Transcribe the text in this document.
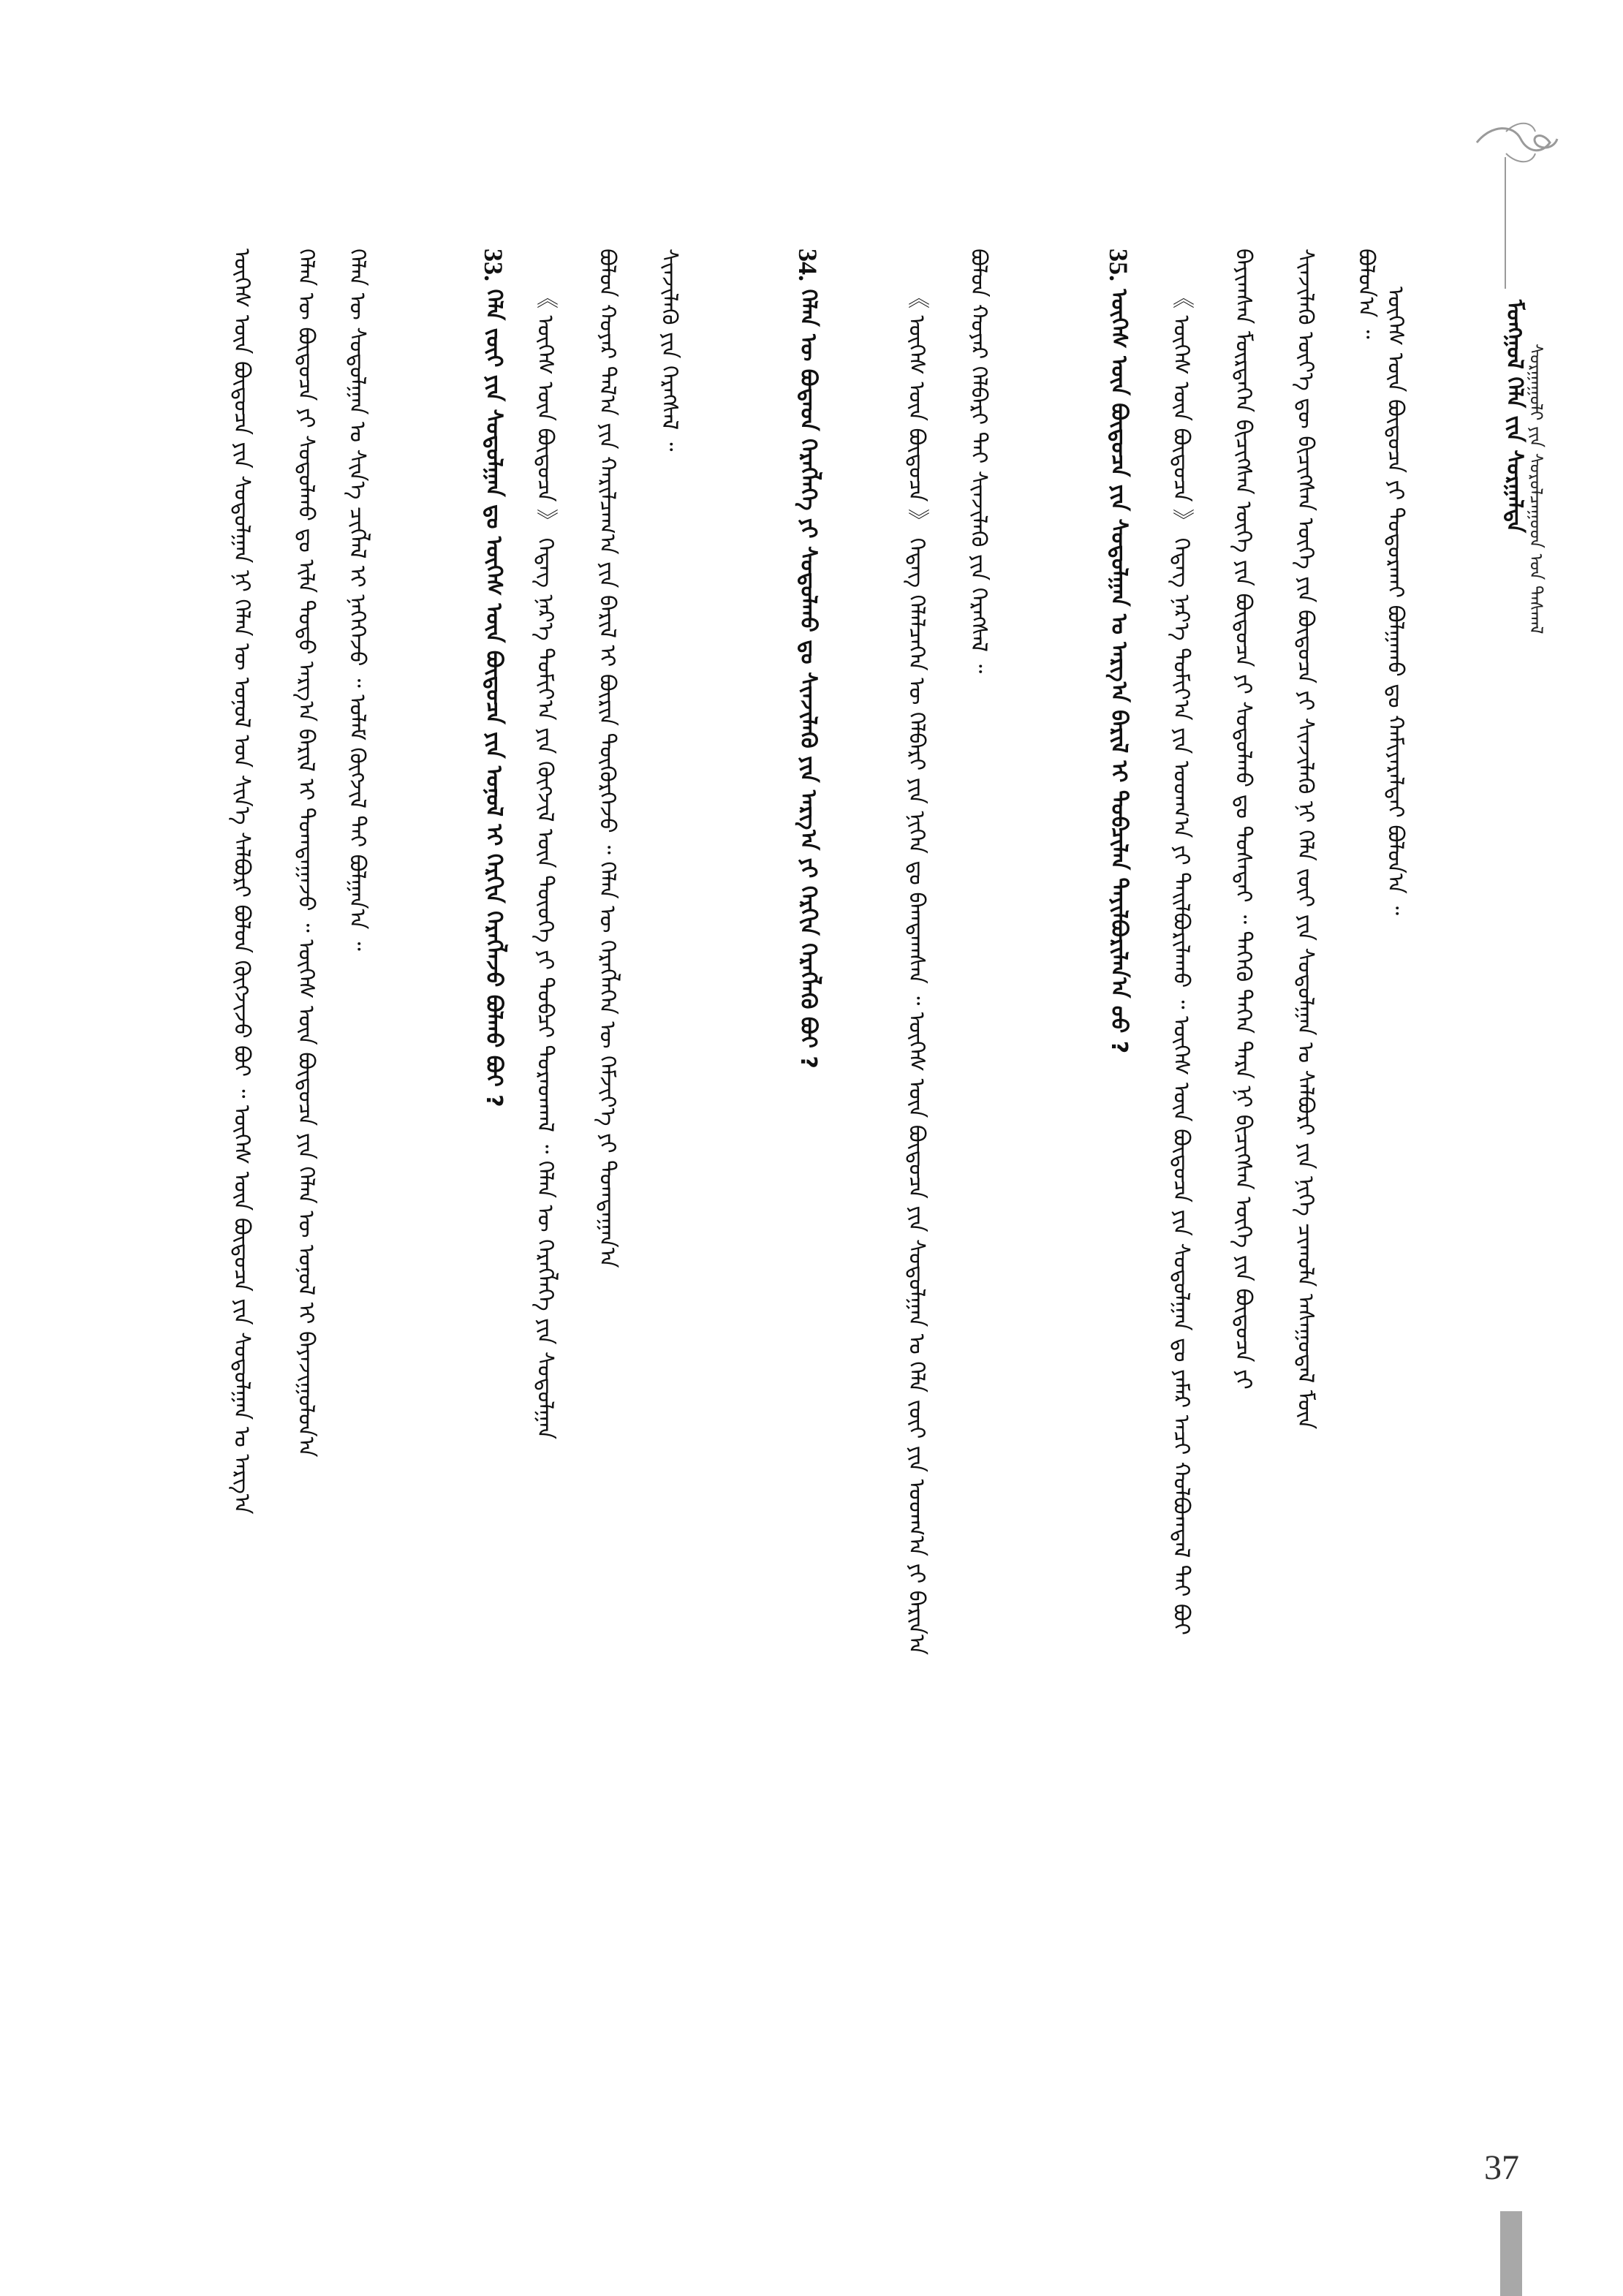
ᠮᠣᠩᠭᠣᠯ ᠬᠡᠯᠡ ᠵᠢᠨ ᠰᠤᠷᠭᠠᠯᠲᠠ
ᠰᠤᠷᠭᠠᠭᠤᠯᠢ ᠶᠢᠨ ᠰᠤᠷᠤᠯᠴᠠᠭᠤᠳ ᠤᠨ ᠳᠠᠰᠭᠠᠯ
ᠦᠭᠡᠰ ᠦᠨ ᠪᠦᠲᠦᠴᠡ ᠶᠢ ᠲᠣᠳᠣᠷᠬᠠᠢ ᠪᠣᠯᠭᠠᠬᠤ ᠳᠤ ᠬᠠᠮᠢᠶᠠᠷᠠᠯᠲᠠᠢ ᠪᠣᠯᠣᠨ᠎ᠠ ᠃
ᠪᠣᠯᠣᠨ᠎ᠠ ᠃
ᠰᠢᠨᠵᠢᠯᠡᠬᠦ ᠦᠶ᠎ᠡ ᠳᠦ ᠪᠢᠴᠢᠭᠰᠡᠨ ᠦᠭᠡ ᠶᠢᠨ ᠪᠦᠲᠦᠴᠡ ᠶᠢ ᠰᠢᠨᠵᠢᠯᠡᠬᠦ ᠨᠢ ᠬᠡᠯᠡ ᠵᠦᠢ ᠶᠢᠨ ᠰᠤᠳᠤᠯᠭᠠᠨ ᠤ ᠰᠠᠯᠪᠤᠷᠢ ᠶᠢᠨ ᠨᠢᠭᠡ ᠴᠢᠬᠤᠯᠠ ᠠᠰᠠᠭᠤᠳᠠᠯ ᠮᠥᠨ
ᠪᠠᠶᠢᠭᠰᠠᠨ ᠮᠥᠷᠲᠡᠭᠡᠨ ᠪᠢᠴᠢᠭᠰᠡᠨ ᠦᠭᠡ ᠶᠢᠨ ᠪᠦᠲᠦᠴᠡ ᠶᠢ ᠰᠤᠳᠤᠯᠬᠤ ᠳᠤ ᠲᠤᠰᠠᠲᠠᠢ ᠃ ᠲᠡᠭᠡᠬᠦ ᠳᠡᠭᠡᠨ ᠲᠡᠷᠡ ᠨᠢ ᠪᠢᠴᠢᠭᠰᠡᠨ ᠦᠭᠡ ᠶᠢᠨ ᠪᠦᠲᠦᠴᠡ ᠶᠢ
《 ᠦᠭᠡᠰ ᠦᠨ ᠪᠦᠲᠦᠴᠡ 》 ᠭᠡᠳᠡᠭ ᠨᠡᠷ᠎ᠡ ᠲᠣᠮᠢᠶ᠎ᠠ ᠶᠢᠨ ᠤᠳᠬ᠎ᠠ ᠶᠢ ᠲᠠᠢᠯᠪᠤᠷᠢᠯᠠᠬᠤ ᠃ ᠦᠭᠡᠰ ᠦᠨ ᠪᠦᠲᠦᠴᠡ ᠶᠢᠨ ᠰᠤᠳᠤᠯᠭᠠᠨ ᠳᠤ ᠶᠠᠮᠠᠷ ᠠᠴᠢ ᠬᠣᠯᠪᠣᠭᠳᠠᠯ ᠲᠠᠢ ᠪᠤᠢ
35. ᠦᠭᠡᠰ ᠦᠨ ᠪᠦᠲᠦᠴᠡ ᠶᠢᠨ ᠰᠤᠳᠤᠯᠭᠠᠨ ᠤ ᠠᠷᠭ᠎ᠠ ᠪᠠᠷᠢᠯ ᠢ ᠲᠣᠪᠴᠢᠯᠠᠨ ᠲᠠᠶᠢᠯᠪᠤᠷᠢᠯᠠᠨ᠎ᠠ ᠤᠤ ?
ᠪᠣᠯᠣᠨ ᠬᠣᠶᠠᠷ ᠬᠡᠯᠪᠡᠷᠢ ᠲᠠᠢ ᠰᠢᠨᠵᠢᠯᠡᠬᠦ ᠶᠢᠨ ᠬᠡᠷᠡᠭᠰᠡᠯ ᠃
《 ᠦᠭᠡᠰ ᠦᠨ ᠪᠦᠲᠦᠴᠡ 》 ᠭᠡᠳᠡᠭ ᠬᠡᠯᠡᠯᠴᠡᠭᠡᠨ ᠦ ᠬᠡᠯᠪᠡᠷᠢ ᠶᠢᠨ ᠨᠢᠭᠡᠨ ᠳᠤ ᠪᠠᠭᠲᠠᠭᠰᠠᠨ ᠃ ᠦᠭᠡᠰ ᠦᠨ ᠪᠦᠲᠦᠴᠡ ᠶᠢᠨ ᠰᠤᠳᠤᠯᠭᠠᠨ ᠤ ᠬᠡᠯᠡ ᠵᠦᠢ ᠶᠢᠨ ᠤᠳᠬ᠎ᠠ ᠶᠢ ᠪᠠᠷᠢᠨ᠎ᠠ
34. ᠬᠡᠯᠡᠨ ᠦ ᠪᠣᠳᠠᠳ ᠬᠡᠷᠡᠭᠯᠡᠭᠡ ᠶᠢ ᠰᠤᠳᠤᠯᠬᠤ ᠳᠤ ᠰᠢᠨᠵᠢᠯᠡᠬᠦ ᠶᠢᠨ ᠠᠷᠭ᠎ᠠ ᠶᠢ ᠬᠡᠷᠬᠢᠨ ᠬᠡᠷᠡᠭᠯᠡᠬᠦ ᠪᠤᠢ ?
ᠰᠢᠨᠵᠢᠯᠡᠬᠦ ᠶᠢᠨ ᠬᠡᠷᠡᠭᠰᠡᠯ ᠃
ᠪᠣᠯᠣᠨ ᠬᠣᠶᠠᠷ ᠲᠠᠯ᠎ᠠ ᠶᠢᠨ ᠬᠠᠷᠢᠯᠴᠠᠭ᠎ᠠ ᠶᠢᠨ ᠪᠠᠷᠢᠯ ᠢ ᠪᠦᠷᠢᠨ ᠳᠦᠭᠦᠷᠭᠡᠵᠦ ᠃ ᠬᠡᠯᠡᠨ ᠦ ᠬᠡᠷᠡᠭᠯᠡᠭᠡᠨ ᠦ ᠬᠡᠮᠵᠢᠶ᠎ᠡ ᠶᠢ ᠲᠣᠭᠲᠠᠭᠠᠨ᠎ᠠ
《 ᠦᠭᠡᠰ ᠦᠨ ᠪᠦᠲᠦᠴᠡ 》 ᠭᠡᠳᠡᠭ ᠨᠡᠷ᠎ᠡ ᠲᠣᠮᠢᠶ᠎ᠠ ᠶᠢᠨ ᠬᠥᠭᠵᠢᠯ ᠦᠨ ᠲᠦᠦᠬᠡ ᠶᠢ ᠲᠣᠪᠴᠢ ᠳᠤᠷᠠᠳᠬᠠᠯ ᠃ ᠬᠡᠯᠡᠨ ᠦ ᠬᠡᠷᠡᠭᠯᠡᠭᠡ ᠶᠢᠨ ᠰᠤᠳᠤᠯᠭᠠᠨ
33. ᠬᠡᠯᠡ ᠵᠦᠢ ᠶᠢᠨ ᠰᠤᠳᠤᠯᠭᠠᠨ ᠳᠤ ᠦᠭᠡᠰ ᠦᠨ ᠪᠦᠲᠦᠴᠡ ᠶᠢᠨ ᠣᠨᠣᠯ ᠢ ᠬᠡᠷᠬᠢᠨ ᠬᠡᠷᠡᠭᠯᠡᠵᠦ ᠪᠣᠯᠬᠤ ᠪᠤᠢ ?
ᠬᠡᠯᠡᠨ ᠦ ᠰᠤᠳᠤᠯᠭᠠᠨ ᠤ ᠰᠢᠨ᠎ᠡ ᠴᠢᠭᠯᠡᠯ ᠢ ᠨᠡᠭᠡᠭᠡᠵᠦ ᠃ ᠤᠯᠠᠮ ᠬᠥᠭᠵᠢᠯ ᠲᠠᠢ ᠪᠣᠯᠭᠠᠨ᠎ᠠ ᠃
ᠬᠡᠯᠡᠨ ᠦ ᠪᠦᠲᠦᠴᠡ ᠶᠢ ᠰᠤᠳᠤᠯᠬᠤ ᠳᠤ ᠢᠯᠡ ᠲᠣᠳᠣ ᠠᠷᠭ᠎ᠠ ᠪᠠᠷᠢᠯ ᠢ ᠲᠣᠭᠲᠠᠭᠠᠵᠤ ᠃ ᠦᠭᠡᠰ ᠦᠨ ᠪᠦᠲᠦᠴᠡ ᠶᠢᠨ ᠬᠡᠯᠡᠨ ᠦ ᠣᠨᠣᠯ ᠢ ᠪᠠᠶᠠᠵᠢᠭᠤᠯᠤᠨ᠎ᠠ
ᠦᠭᠡᠰ ᠦᠨ ᠪᠦᠲᠦᠴᠡ ᠶᠢᠨ ᠰᠤᠳᠤᠯᠭᠠᠨ ᠨᠢ ᠬᠡᠯᠡᠨ ᠦ ᠣᠨᠣᠯ ᠤᠨ ᠰᠢᠨ᠎ᠡ ᠰᠠᠯᠪᠤᠷᠢ ᠪᠣᠯᠣᠨ ᠬᠥᠭᠵᠢᠵᠦ ᠪᠤᠢ ᠃ ᠦᠭᠡᠰ ᠦᠨ ᠪᠦᠲᠦᠴᠡ ᠶᠢᠨ ᠰᠤᠳᠤᠯᠭᠠᠨ ᠤ ᠠᠷᠭ᠎ᠠ
37
